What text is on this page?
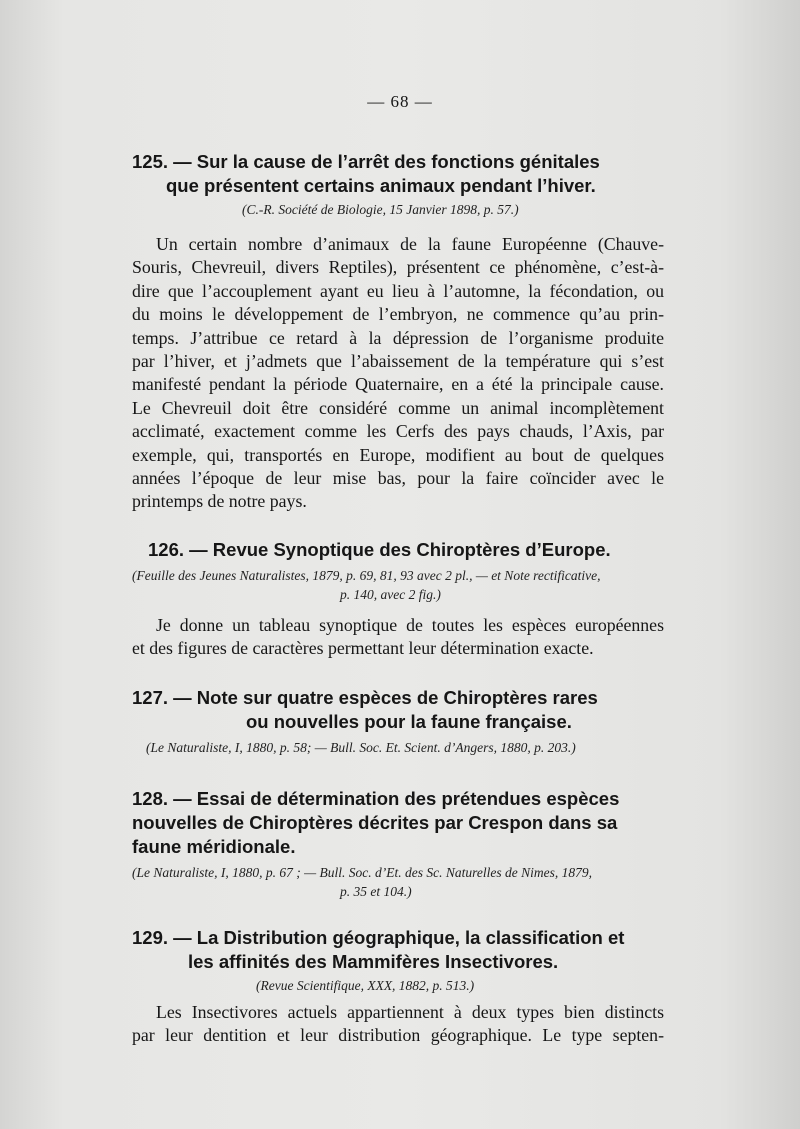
— 68 —
125. — Sur la cause de l’arrêt des fonctions génitales
que présentent certains animaux pendant l’hiver.
(C.-R. Société de Biologie, 15 Janvier 1898, p. 57.)
Un certain nombre d’animaux de la faune Européenne (Chauve-
Souris, Chevreuil, divers Reptiles), présentent ce phénomène, c’est-à-
dire que l’accouplement ayant eu lieu à l’automne, la fécondation, ou
du moins le développement de l’embryon, ne commence qu’au prin-
temps. J’attribue ce retard à la dépression de l’organisme produite
par l’hiver, et j’admets que l’abaissement de la température qui s’est
manifesté pendant la période Quaternaire, en a été la principale cause.
Le Chevreuil doit être considéré comme un animal incomplètement
acclimaté, exactement comme les Cerfs des pays chauds, l’Axis, par
exemple, qui, transportés en Europe, modifient au bout de quelques
années l’époque de leur mise bas, pour la faire coïncider avec le
printemps de notre pays.
126. — Revue Synoptique des Chiroptères d’Europe.
(Feuille des Jeunes Naturalistes, 1879, p. 69, 81, 93 avec 2 pl., — et Note rectificative,
p. 140, avec 2 fig.)
Je donne un tableau synoptique de toutes les espèces européennes
et des figures de caractères permettant leur détermination exacte.
127. — Note sur quatre espèces de Chiroptères rares
ou nouvelles pour la faune française.
(Le Naturaliste, I, 1880, p. 58; — Bull. Soc. Et. Scient. d’Angers, 1880, p. 203.)
128. — Essai de détermination des prétendues espèces
nouvelles de Chiroptères décrites par Crespon dans sa
faune méridionale.
(Le Naturaliste, I, 1880, p. 67 ; — Bull. Soc. d’Et. des Sc. Naturelles de Nimes, 1879,
p. 35 et 104.)
129. — La Distribution géographique, la classification et
les affinités des Mammifères Insectivores.
(Revue Scientifique, XXX, 1882, p. 513.)
Les Insectivores actuels appartiennent à deux types bien distincts
par leur dentition et leur distribution géographique. Le type septen-
